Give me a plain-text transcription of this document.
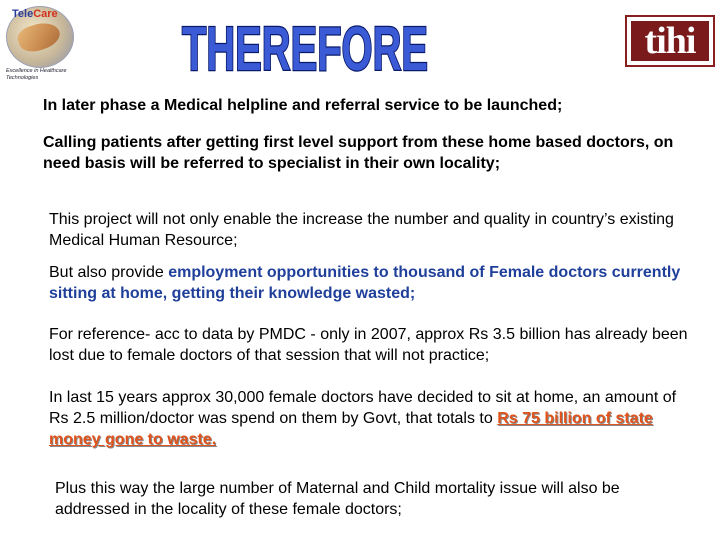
TeleCare
Excellence in Healthcare Technologies	THEREFORE	tihi
In later phase a Medical helpline and referral service to be launched;
Calling patients after getting first level support from these home based doctors, on need basis will be referred to specialist in their own locality;
This project will not only enable the increase the number and quality in country’s existing Medical Human Resource;
But also provide employment opportunities to thousand of Female doctors currently sitting at home, getting their knowledge wasted;
For reference- acc to data by PMDC - only in 2007, approx Rs 3.5 billion has already been lost due to female doctors of that session that will not practice;
In last 15 years approx 30,000 female doctors have decided to sit at home, an amount of Rs 2.5 million/doctor was spend on them by Govt, that totals to Rs 75 billion of state money gone to waste.
Plus this way the large number of Maternal and Child mortality issue will also be addressed in the locality of these female doctors;
